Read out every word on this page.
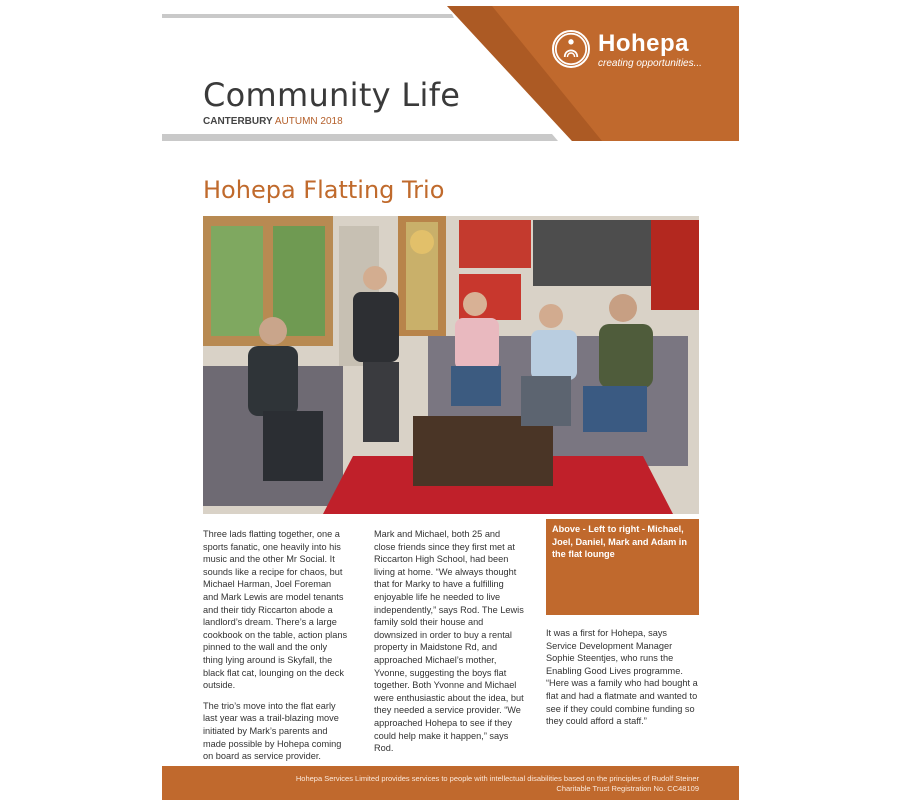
Hohepa
creating opportunities...
Community Life
CANTERBURY AUTUMN 2018
Hohepa Flatting Trio

Three lads flatting together, one a sports fanatic, one heavily into his music and the other Mr Social. It sounds like a recipe for chaos, but Michael Harman, Joel Foreman and Mark Lewis are model tenants and their tidy Riccarton abode a landlord’s dream. There’s a large cookbook on the table, action plans pinned to the wall and the only thing lying around is Skyfall, the black flat cat, lounging on the deck outside.

The trio’s move into the flat early last year was a trail-blazing move initiated by Mark’s parents and made possible by Hohepa coming on board as service provider.

Mark and Michael, both 25 and close friends since they first met at Riccarton High School, had been living at home. “We always thought that for Marky to have a fulfilling enjoyable life he needed to live independently,” says Rod. The Lewis family sold their house and downsized in order to buy a rental property in Maidstone Rd, and approached Michael’s mother, Yvonne, suggesting the boys flat together. Both Yvonne and Michael were enthusiastic about the idea, but they needed a service provider. “We approached Hohepa to see if they could help make it happen,” says Rod.

Above - Left to right - Michael, Joel, Daniel, Mark and Adam in the flat lounge

It was a first for Hohepa, says Service Development Manager Sophie Steentjes, who runs the Enabling Good Lives programme. “Here was a family who had bought a flat and had a flatmate and wanted to see if they could combine funding so they could afford a staff.”

Hohepa Services Limited provides services to people with intellectual disabilities based on the principles of Rudolf Steiner
Charitable Trust Registration No. CC48109
